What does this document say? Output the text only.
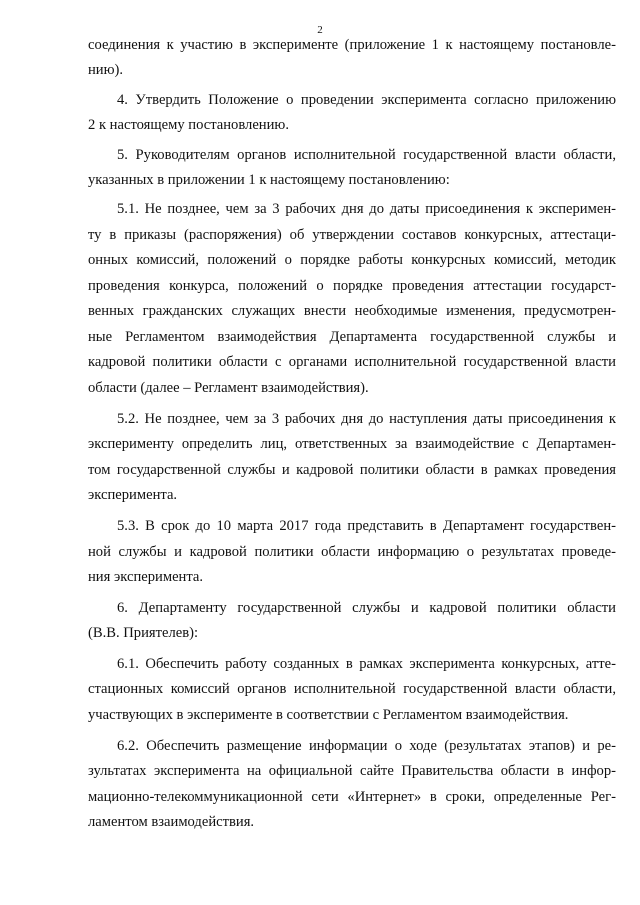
2
соединения к участию в эксперименте (приложение 1 к настоящему постановле-
нию).
4. Утвердить Положение о проведении эксперимента согласно приложению
2 к настоящему постановлению.
5. Руководителям органов исполнительной государственной власти области,
указанных в приложении 1 к настоящему постановлению:
5.1. Не позднее, чем за 3 рабочих дня до даты присоединения к эксперимен-
ту в приказы (распоряжения) об утверждении составов конкурсных, аттестаци-
онных комиссий, положений о порядке работы конкурсных комиссий, методик
проведения конкурса, положений о порядке проведения аттестации государст-
венных гражданских служащих внести необходимые изменения, предусмотрен-
ные Регламентом взаимодействия Департамента государственной службы и
кадровой политики области с органами исполнительной государственной власти
области (далее – Регламент взаимодействия).
5.2. Не позднее, чем за 3 рабочих дня до наступления даты присоединения к
эксперименту определить лиц, ответственных за взаимодействие с Департамен-
том государственной службы и кадровой политики области в рамках проведения
эксперимента.
5.3. В срок до 10 марта 2017 года представить в Департамент государствен-
ной службы и кадровой политики области информацию о результатах проведе-
ния эксперимента.
6. Департаменту государственной службы и кадровой политики области
(В.В. Приятелев):
6.1. Обеспечить работу созданных в рамках эксперимента конкурсных, атте-
стационных комиссий органов исполнительной государственной власти области,
участвующих в эксперименте в соответствии с Регламентом взаимодействия.
6.2. Обеспечить размещение информации о ходе (результатах этапов) и ре-
зультатах эксперимента на официальной сайте Правительства области в инфор-
мационно-телекоммуникационной сети «Интернет» в сроки, определенные Рег-
ламентом взаимодействия.
